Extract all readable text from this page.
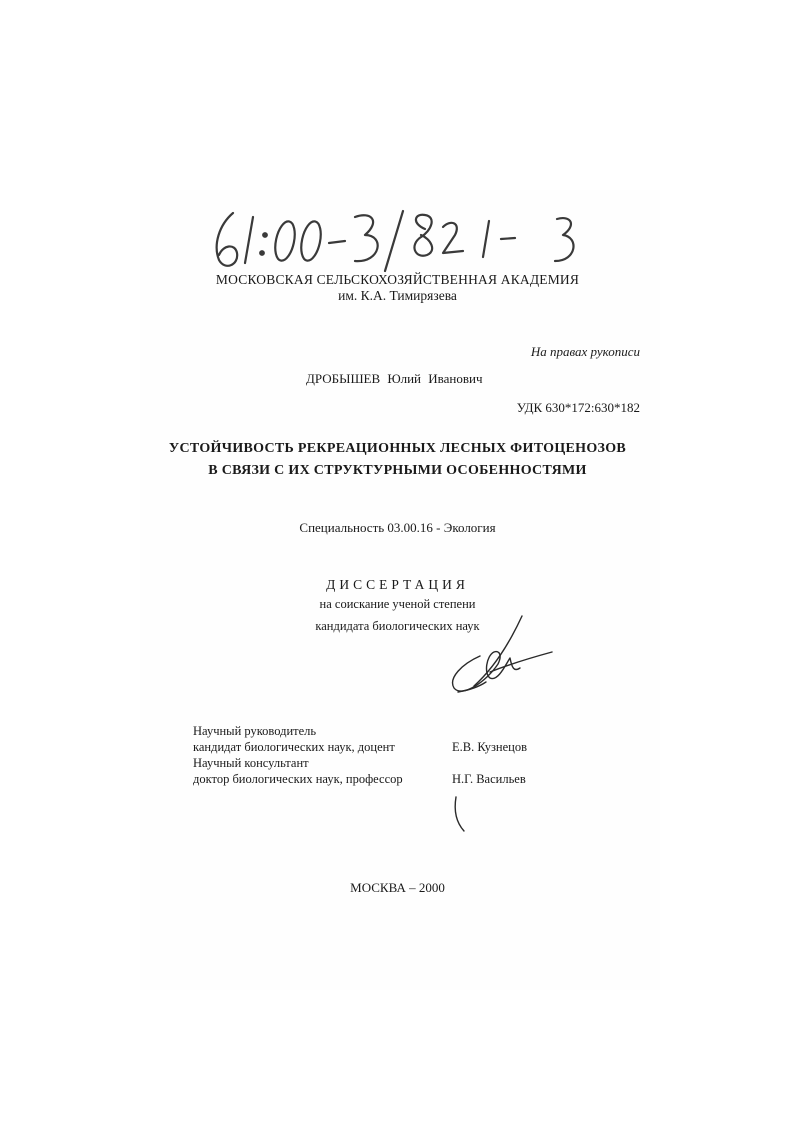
МОСКОВСКАЯ СЕЛЬСКОХОЗЯЙСТВЕННАЯ АКАДЕМИЯ
им. К.А. Тимирязева
На правах рукописи
ДРОБЫШЕВ Юлий Иванович
УДК 630*172:630*182
УСТОЙЧИВОСТЬ РЕКРЕАЦИОННЫХ ЛЕСНЫХ ФИТОЦЕНОЗОВ
В СВЯЗИ С ИХ СТРУКТУРНЫМИ ОСОБЕННОСТЯМИ
Специальность 03.00.16 - Экология
ДИССЕРТАЦИЯ
на соискание ученой степени
кандидата биологических наук
Научный руководитель
кандидат биологических наук, доцент	Е.В. Кузнецов
Научный консультант
доктор биологических наук, профессор	Н.Г. Васильев
МОСКВА – 2000
